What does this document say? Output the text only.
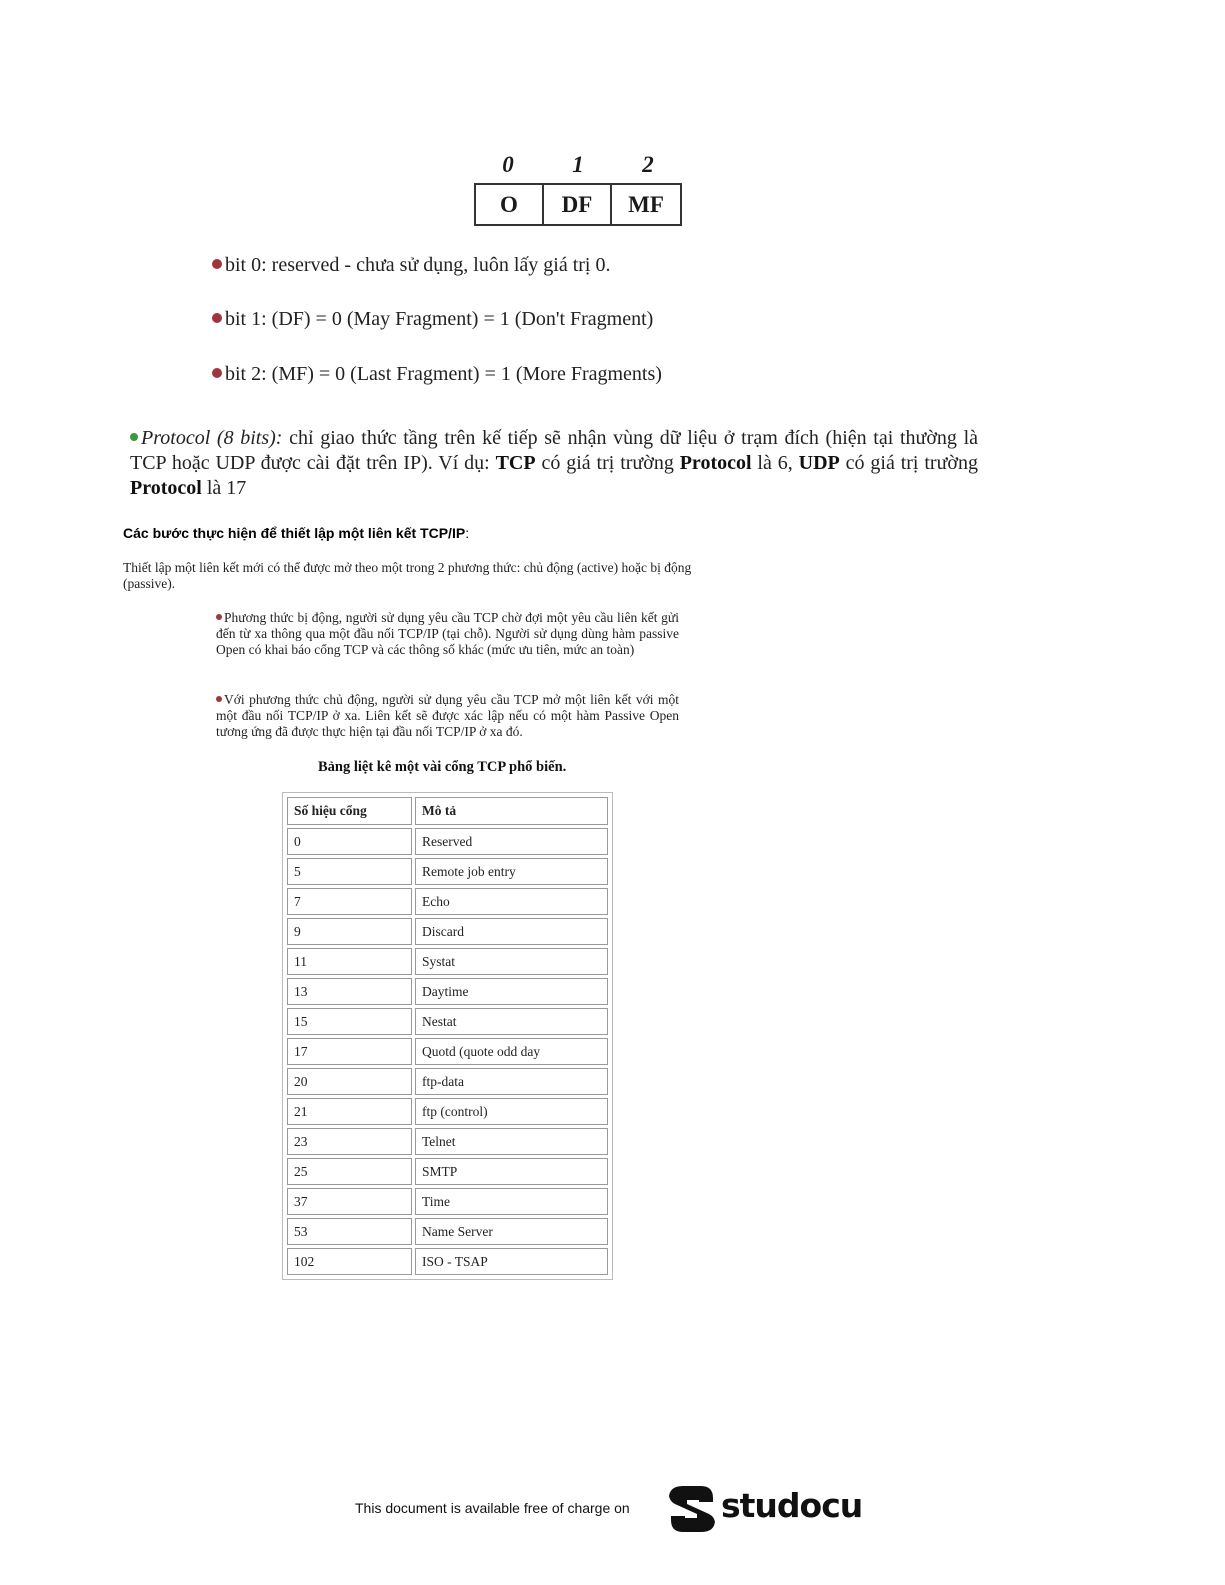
0	1	2
O	DF	MF
bit 0: reserved - chưa sử dụng, luôn lấy giá trị 0.
bit 1: (DF) = 0 (May Fragment) = 1 (Don't Fragment)
bit 2: (MF) = 0 (Last Fragment) = 1 (More Fragments)
Protocol (8 bits): chỉ giao thức tầng trên kế tiếp sẽ nhận vùng dữ liệu ở trạm đích (hiện tại thường là TCP hoặc UDP được cài đặt trên IP). Ví dụ: TCP có giá trị trường Protocol là 6, UDP có giá trị trường Protocol là 17
Các bước thực hiện để thiết lập một liên kết TCP/IP:
Thiết lập một liên kết mới có thể được mở theo một trong 2 phương thức: chủ động (active) hoặc bị động (passive).
Phương thức bị động, người sử dụng yêu cầu TCP chờ đợi một yêu cầu liên kết gửi đến từ xa thông qua một đầu nối TCP/IP (tại chỗ). Người sử dụng dùng hàm passive Open có khai báo cổng TCP và các thông số khác (mức ưu tiên, mức an toàn)
Với phương thức chủ động, người sử dụng yêu cầu TCP mở một liên kết với một một đầu nối TCP/IP ở xa. Liên kết sẽ được xác lập nếu có một hàm Passive Open tương ứng đã được thực hiện tại đầu nối TCP/IP ở xa đó.
Bảng liệt kê một vài cổng TCP phổ biến.
Số hiệu cổng	Mô tả
0	Reserved
5	Remote job entry
7	Echo
9	Discard
11	Systat
13	Daytime
15	Nestat
17	Quotd (quote odd day
20	ftp-data
21	ftp (control)
23	Telnet
25	SMTP
37	Time
53	Name Server
102	ISO - TSAP
This document is available free of charge on	studocu
